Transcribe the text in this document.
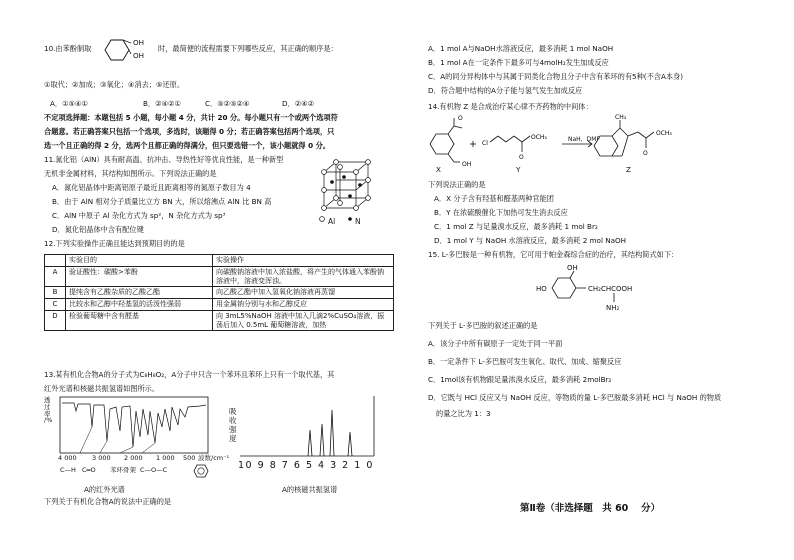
10.由苯酚制取
OH
OH
时，最简便的流程需要下列哪些反应，其正确的顺序是：
①取代；②加成；③氧化；④消去；⑤还原。
A．①⑤④①	B．②④②①	C．⑤②⑤②④	D．②④②
不定项选择题：本题包括 5 小题，每小题 4 分，共计 20 分。每小题只有一个或两个选项符
合题意。若正确答案只包括一个选项，多选时，该题得 0 分；若正确答案包括两个选项，只
选一个且正确的得 2 分，选两个且都正确的得满分，但只要选错一个，该小题就得 0 分。
11.氮化铝（AlN）具有耐高温、抗冲击、导热性好等优良性能，是一种新型
无机非金属材料，其结构如图所示。下列说法正确的是
A．氮化铝晶体中距离铝原子最近且距离相等的氮原子数目为 4
B．由于 AlN 相对分子质量比立方 BN 大，所以熔沸点 AlN 比 BN 高
C．AlN 中原子 Al 杂化方式为 sp²，N 杂化方式为 sp³
D．氮化铝晶体中含有配位键
Al	N
12.下列实验操作正确且能达到预期目的的是
	实验目的	实验操作
A	验证酸性：碳酸>苯酚	向碳酸钠溶液中加入浓盐酸，将产生的气体通入苯酚钠溶液中，溶液变浑浊。
B	提纯含有乙酸杂质的乙酸乙酯	向乙酸乙酯中加入氢氧化钠溶液再蒸馏
C	比较水和乙醇中羟基氢的活泼性强弱	用金属钠分别与水和乙醇反应
D	检验葡萄糖中含有醛基	向 3mL5%NaOH 溶液中加入几滴2%CuSO₄溶液，振荡后加入 0.5mL 葡萄糖溶液，加热
13.某有机化合物A的分子式为C₈H₈O₂，A分子中只含一个苯环且苯环上只有一个取代基，其
红外光谱和核磁共振氢谱如图所示。
透
过
率
/%
4 000 3 000 2 000 1 000 500 波数/cm⁻¹
C—H C═O 苯环骨架 C—O—C
A的红外光谱
吸
收
强
度
10 9 8 7 6 5 4 3 2 1 0
A的核磁共振氢谱
下列关于有机化合物A的说法中正确的是
A．1 mol A与NaOH水溶液反应，最多消耗 1 mol NaOH
B．1 mol A在一定条件下最多可与4molH₂发生加成反应
C．A的同分异构体中与其属于同类化合物且分子中含有苯环的有5种(不含A本身)
D．符合题中结构的A分子能与氢气发生加成反应
14.有机物 Z 是合成治疗某心律不齐药物的中间体：
O
OH
Cl
O
OCH₃
CH₃
O
OCH₃
NaH，DMF
X	Y	Z
下列说法正确的是
A．X 分子含有羟基和醛基两种官能团
B．Y 在浓硫酸催化下加热可发生消去反应
C．1 mol Z 与足量溴水反应，最多消耗 1 mol Br₂
D．1 mol Y 与 NaOH 水溶液反应，最多消耗 2 mol NaOH
15. L-多巴胺是一种有机物，它可用于帕金森综合症的治疗，其结构简式如下：
OH
HO	CH₂CHCOOH
NH₂
下列关于 L-多巴胺的叙述正确的是
A．该分子中所有碳原子一定处于同一平面
B．一定条件下 L-多巴胺可发生氧化、取代、加成、缩聚反应
C．1mol该有机物跟足量浓溴水反应，最多消耗 2molBr₂
D．它既与 HCl 反应又与 NaOH 反应，等物质的量 L-多巴胺最多消耗 HCl 与 NaOH 的物质
的量之比为 1：3
第Ⅱ卷（非选择题　共 60　 分）
